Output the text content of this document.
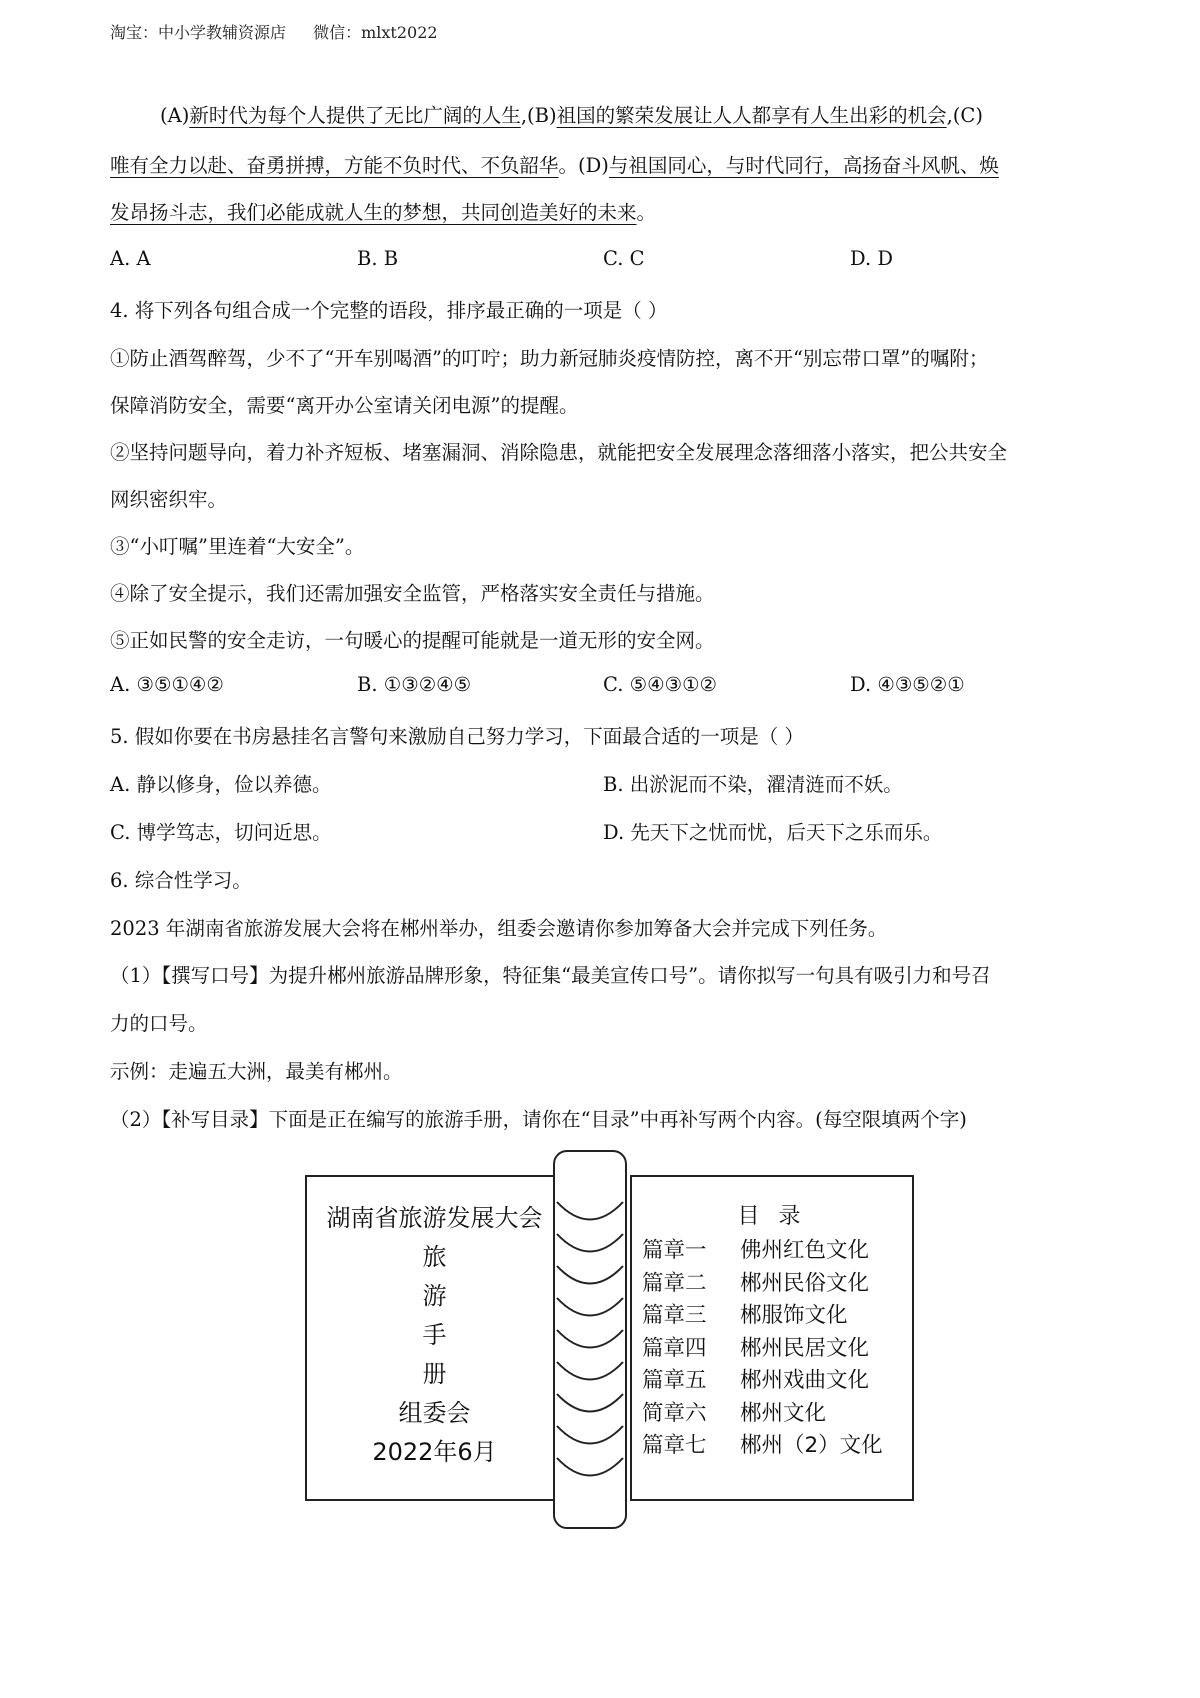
淘宝：中小学教辅资源店 微信：mlxt2022
(A)新时代为每个人提供了无比广阔的人生,(B)祖国的繁荣发展让人人都享有人生出彩的机会,(C)
唯有全力以赴、奋勇拼搏，方能不负时代、不负韶华。(D)与祖国同心，与时代同行，高扬奋斗风帆、焕
发昂扬斗志，我们必能成就人生的梦想，共同创造美好的未来。
A. A	B. B	C. C	D. D
4. 将下列各句组合成一个完整的语段，排序最正确的一项是（ ）
①防止酒驾醉驾，少不了“开车别喝酒”的叮咛；助力新冠肺炎疫情防控，离不开“别忘带口罩”的嘱附；
保障消防安全，需要“离开办公室请关闭电源”的提醒。
②坚持问题导向，着力补齐短板、堵塞漏洞、消除隐患，就能把安全发展理念落细落小落实，把公共安全
网织密织牢。
③“小叮嘱”里连着“大安全”。
④除了安全提示，我们还需加强安全监管，严格落实安全责任与措施。
⑤正如民警的安全走访，一句暖心的提醒可能就是一道无形的安全网。
A. ③⑤①④②	B. ①③②④⑤	C. ⑤④③①②	D. ④③⑤②①
5. 假如你要在书房悬挂名言警句来激励自己努力学习，下面最合适的一项是（ ）
A. 静以修身，俭以养德。	B. 出淤泥而不染，濯清涟而不妖。
C. 博学笃志，切问近思。	D. 先天下之忧而忧，后天下之乐而乐。
6. 综合性学习。
2023 年湖南省旅游发展大会将在郴州举办，组委会邀请你参加筹备大会并完成下列任务。
（1）【撰写口号】为提升郴州旅游品牌形象，特征集“最美宣传口号”。请你拟写一句具有吸引力和号召
力的口号。
示例：走遍五大洲，最美有郴州。
（2）【补写目录】下面是正在编写的旅游手册，请你在“目录”中再补写两个内容。(每空限填两个字)
湖南省旅游发展大会
旅
游
手
册
组委会
2022年6月
目 录
篇章一 佛州红色文化
篇章二 郴州民俗文化
篇章三 郴服饰文化
篇章四 郴州民居文化
篇章五 郴州戏曲文化
简章六 郴州文化
篇章七 郴州（2）文化
